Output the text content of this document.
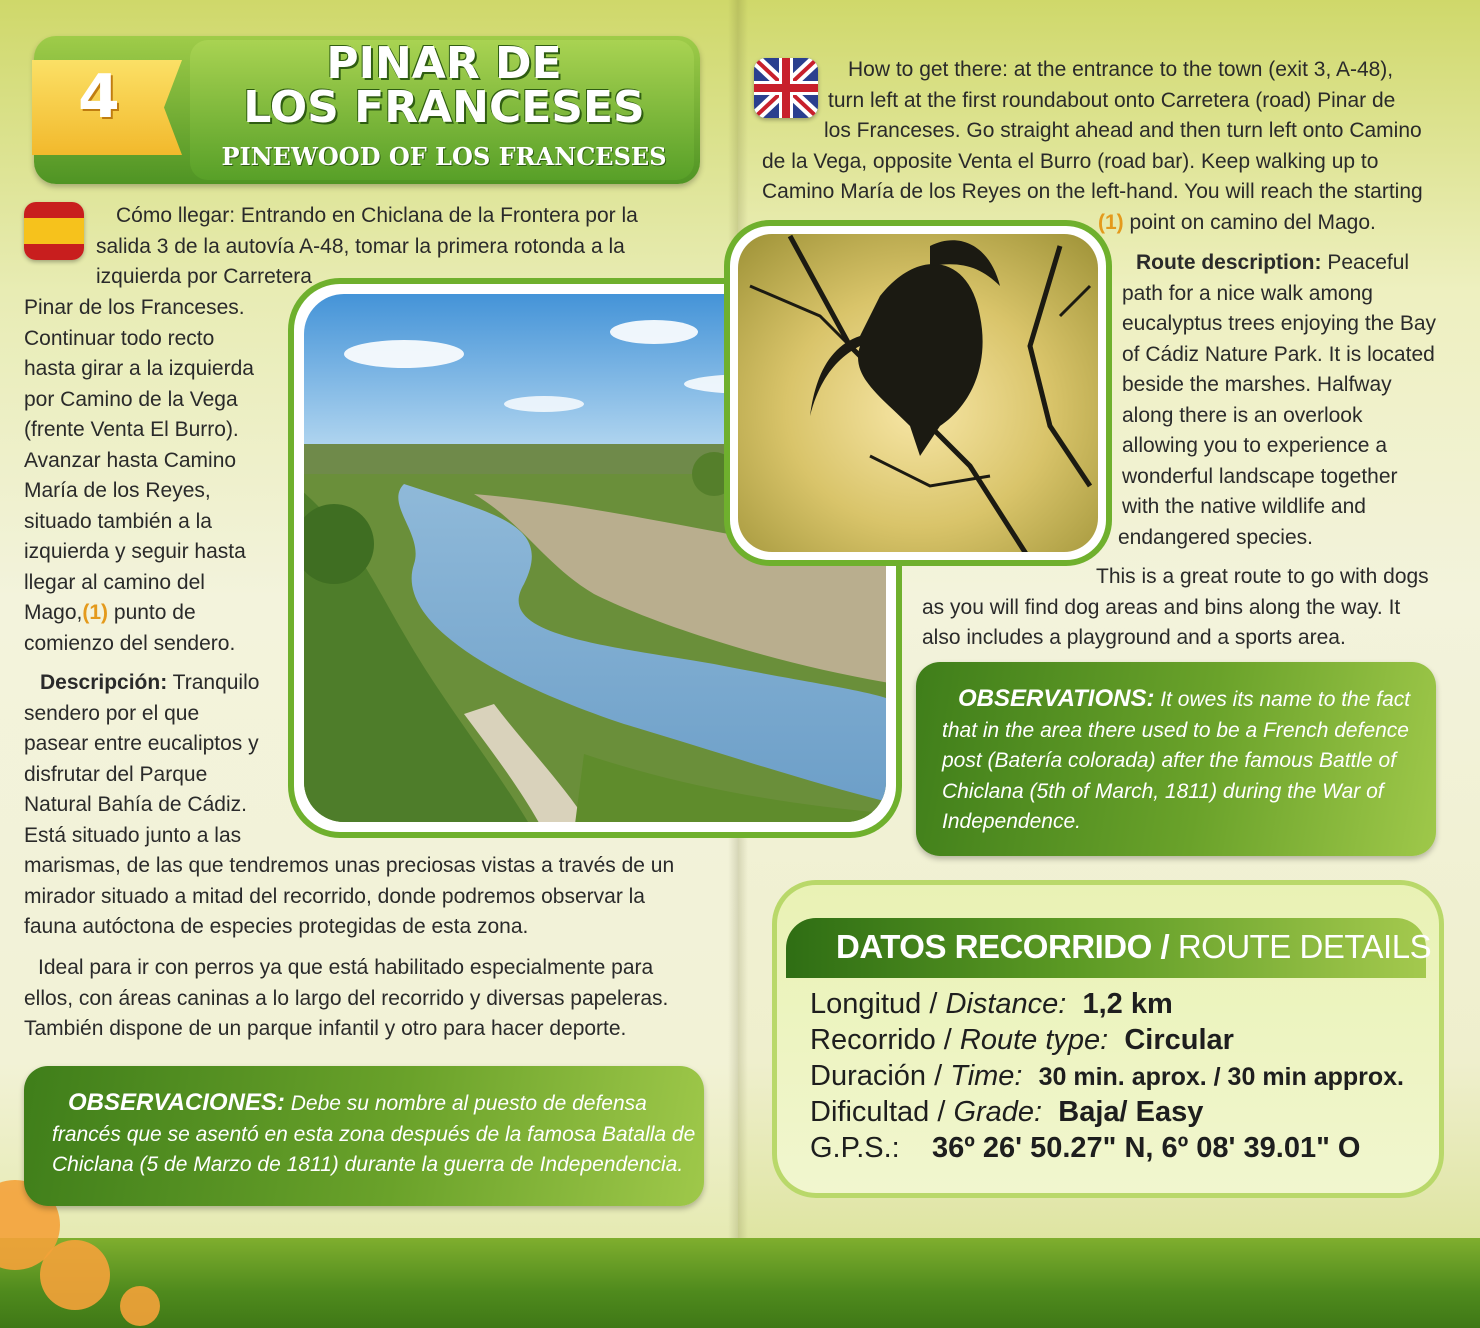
4	PINAR DE
LOS FRANCESES
PINEWOOD OF LOS FRANCESES
Cómo llegar: Entrando en Chiclana de la Frontera por la
salida 3 de la autovía A-48, tomar la primera rotonda a la
izquierda por Carretera
Pinar de los Franceses.
Continuar todo recto
hasta girar a la izquierda
por Camino de la Vega
(frente Venta El Burro).
Avanzar hasta Camino
María de los Reyes,
situado también a la
izquierda y seguir hasta
llegar al camino del
Mago,(1) punto de
comienzo del sendero.
Descripción: Tranquilo
sendero por el que
pasear entre eucaliptos y
disfrutar del Parque
Natural Bahía de Cádiz.
Está situado junto a las
marismas, de las que tendremos unas preciosas vistas a través de un
mirador situado a mitad del recorrido, donde podremos observar la
fauna autóctona de especies protegidas de esta zona.
Ideal para ir con perros ya que está habilitado especialmente para
ellos, con áreas caninas a lo largo del recorrido y diversas papeleras.
También dispone de un parque infantil y otro para hacer deporte.
How to get there: at the entrance to the town (exit 3, A-48),
turn left at the first roundabout onto Carretera (road) Pinar de
los Franceses. Go straight ahead and then turn left onto Camino
de la Vega, opposite Venta el Burro (road bar). Keep walking up to
Camino María de los Reyes on the left-hand. You will reach the starting
(1) point on camino del Mago.
Route description: Peaceful
path for a nice walk among
eucalyptus trees enjoying the Bay
of Cádiz Nature Park. It is located
beside the marshes. Halfway
along there is an overlook
allowing you to experience a
wonderful landscape together
with the native wildlife and
endangered species.
This is a great route to go with dogs
as you will find dog areas and bins along the way. It
also includes a playground and a sports area.
OBSERVATIONS: It owes its name to the fact
that in the area there used to be a French defence
post (Batería colorada) after the famous Battle of
Chiclana (5th of March, 1811) during the War of
Independence.
OBSERVACIONES: Debe su nombre al puesto de defensa
francés que se asentó en esta zona después de la famosa Batalla de
Chiclana (5 de Marzo de 1811) durante la guerra de Independencia.
DATOS RECORRIDO / ROUTE DETAILS
Longitud / Distance: 1,2 km
Recorrido / Route type: Circular
Duración / Time: 30 min. aprox. / 30 min approx.
Dificultad / Grade: Baja/ Easy
G.P.S.: 36º 26' 50.27" N, 6º 08' 39.01" O
